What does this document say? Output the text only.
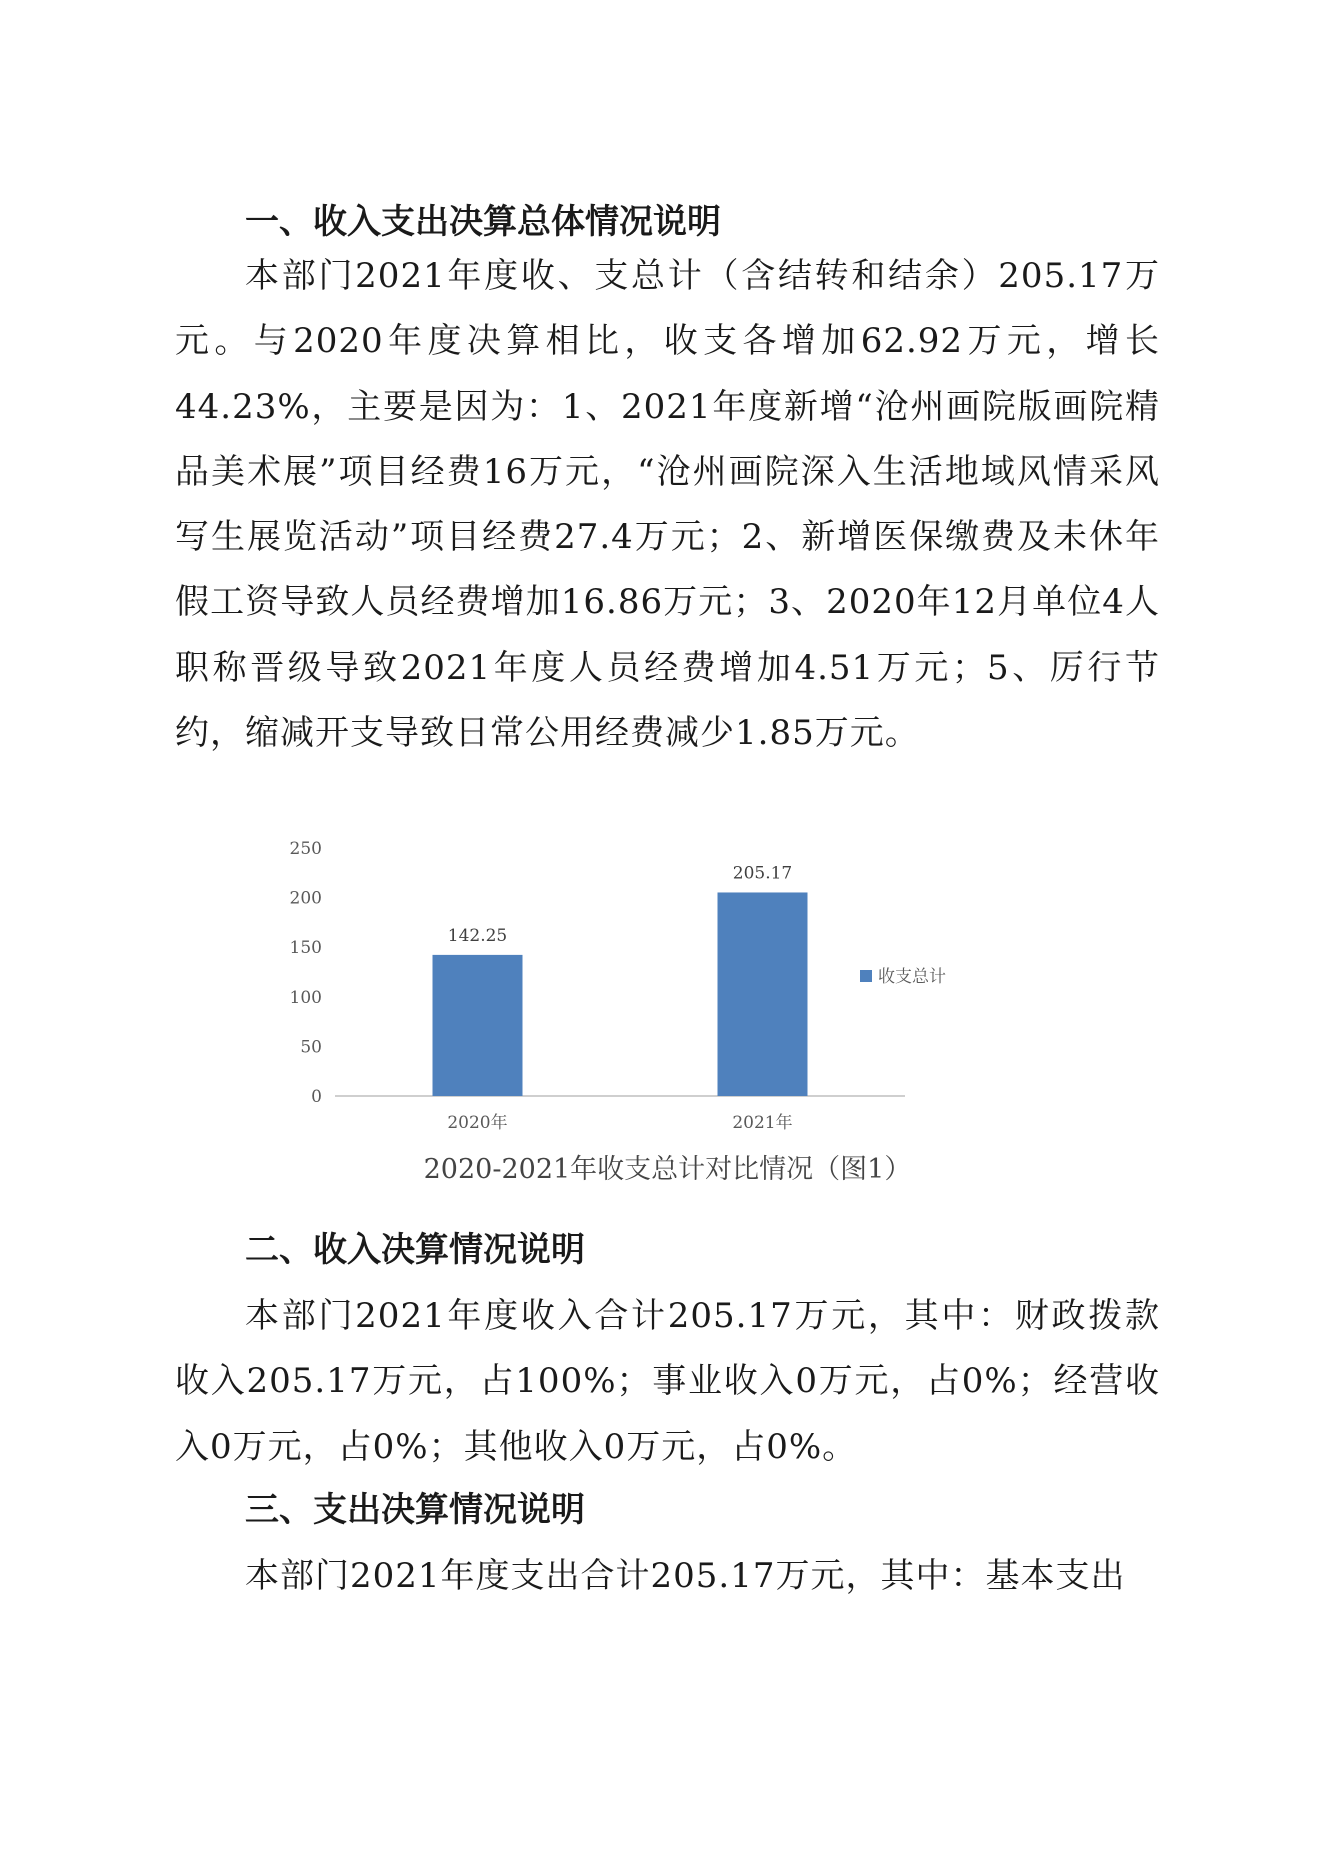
一、收入支出决算总体情况说明

本部门2021年度收、支总计（含结转和结余）205.17万元。与2020年度决算相比，收支各增加62.92万元，增长44.23%，主要是因为：1、2021年度新增“沧州画院版画院精品美术展”项目经费16万元，“沧州画院深入生活地域风情采风写生展览活动”项目经费27.4万元；2、新增医保缴费及未休年假工资导致人员经费增加16.86万元；3、2020年12月单位4人职称晋级导致2021年度人员经费增加4.51万元；5、厉行节约，缩减开支导致日常公用经费减少1.85万元。

0
50
100
150
200
250
142.25
205.17
2020年	2021年
收支总计

2020-2021年收支总计对比情况（图1）

二、收入决算情况说明

本部门2021年度收入合计205.17万元，其中：财政拨款收入205.17万元，占100%；事业收入0万元，占0%；经营收入0万元，占0%；其他收入0万元，占0%。

三、支出决算情况说明

本部门2021年度支出合计205.17万元，其中：基本支出
